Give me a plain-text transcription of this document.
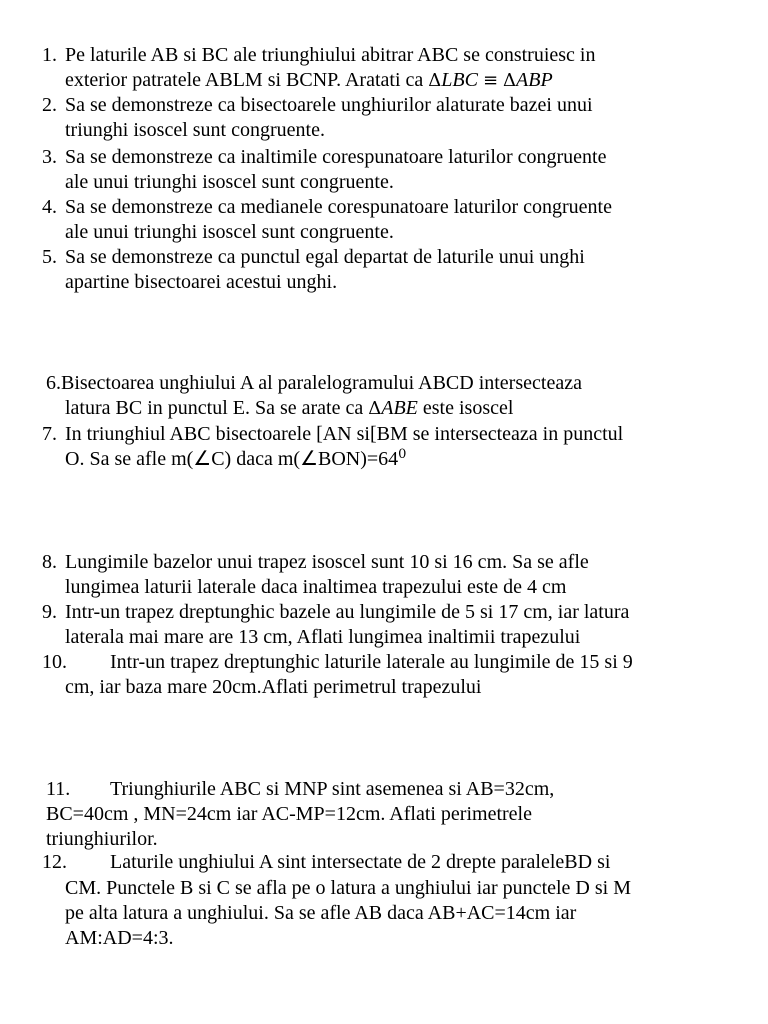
1. Pe laturile AB si BC ale triunghiului abitrar ABC se construiesc in
exterior patratele ABLM si BCNP. Aratati ca ΔLBC ≡ ΔABP
2. Sa se demonstreze ca bisectoarele unghiurilor alaturate bazei unui
triunghi isoscel sunt congruente.
3. Sa se demonstreze ca inaltimile corespunatoare laturilor congruente
ale unui triunghi isoscel sunt congruente.
4. Sa se demonstreze ca medianele corespunatoare laturilor congruente
ale unui triunghi isoscel sunt congruente.
5. Sa se demonstreze ca punctul egal departat de laturile unui unghi
apartine bisectoarei acestui unghi.
6.Bisectoarea unghiului A al paralelogramului ABCD intersecteaza
latura BC in punctul E. Sa se arate ca ΔABE este isoscel
7. In triunghiul ABC bisectoarele [AN si[BM se intersecteaza in punctul
O. Sa se afle m(∠C) daca $m(\angle BON)=64^0$
8. Lungimile bazelor unui trapez isoscel sunt 10 si 16 cm. Sa se afle
lungimea laturii laterale daca inaltimea trapezului este de 4 cm
9. Intr-un trapez dreptunghic bazele au lungimile de 5 si 17 cm, iar latura
laterala mai mare are 13 cm, Aflati lungimea inaltimii trapezului
10. Intr-un trapez dreptunghic laturile laterale au lungimile de 15 si 9
cm, iar baza mare 20cm.Aflati perimetrul trapezului
11. Triunghiurile ABC si MNP sint asemenea si AB=32cm,
BC=40cm , MN=24cm iar AC-MP=12cm. Aflati perimetrele
triunghiurilor.
12. Laturile unghiului A sint intersectate de 2 drepte paraleleBD si
CM. Punctele B si C se afla pe o latura a unghiului iar punctele D si M
pe alta latura a unghiului. Sa se afle AB daca AB+AC=14cm iar
AM:AD=4:3.
